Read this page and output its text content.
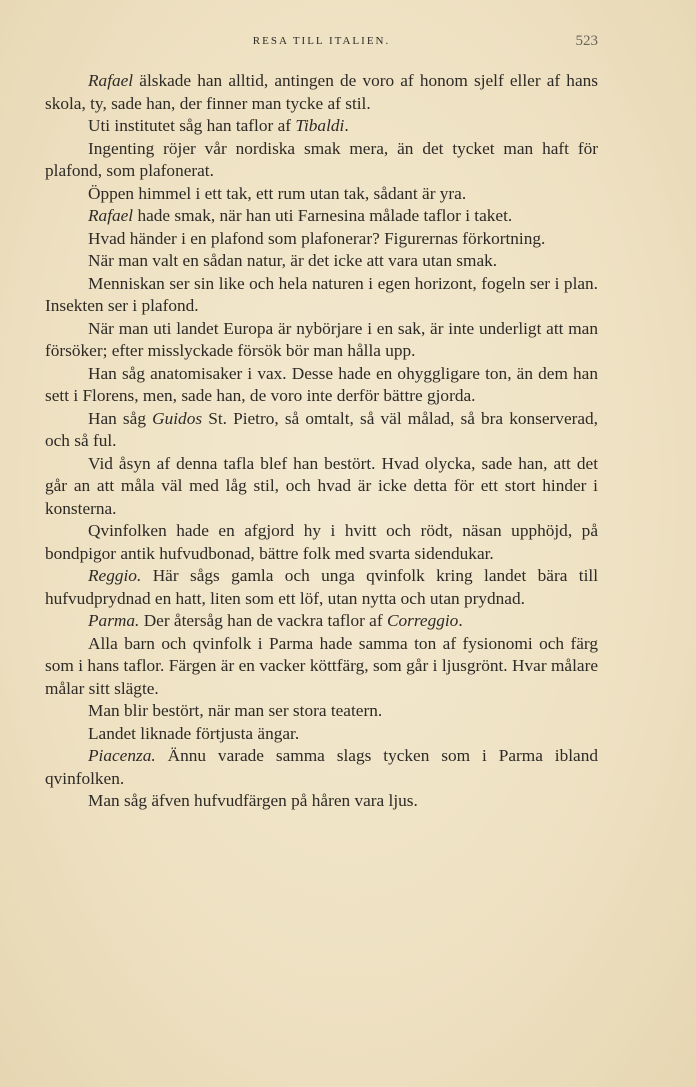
RESA TILL ITALIEN.	523

Rafael älskade han alltid, antingen de voro af honom sjelf eller af hans skola, ty, sade han, der finner man tycke af stil.

Uti institutet såg han taflor af Tibaldi.

Ingenting röjer vår nordiska smak mera, än det tycket man haft för plafond, som plafonerat.

Öppen himmel i ett tak, ett rum utan tak, sådant är yra.

Rafael hade smak, när han uti Farnesina målade taflor i taket.

Hvad händer i en plafond som plafonerar? Figurernas förkortning.

När man valt en sådan natur, är det icke att vara utan smak.

Menniskan ser sin like och hela naturen i egen horizont, fogeln ser i plan. Insekten ser i plafond.

När man uti landet Europa är nybörjare i en sak, är inte underligt att man försöker; efter misslyckade försök bör man hålla upp.

Han såg anatomisaker i vax. Desse hade en ohyggligare ton, än dem han sett i Florens, men, sade han, de voro inte derför bättre gjorda.

Han såg Guidos St. Pietro, så omtalt, så väl målad, så bra konserverad, och så ful.

Vid åsyn af denna tafla blef han bestört. Hvad olycka, sade han, att det går an att måla väl med låg stil, och hvad är icke detta för ett stort hinder i konsterna.

Qvinfolken hade en afgjord hy i hvitt och rödt, näsan upphöjd, på bondpigor antik hufvudbonad, bättre folk med svarta sidendukar.

Reggio. Här sågs gamla och unga qvinfolk kring landet bära till hufvudprydnad en hatt, liten som ett löf, utan nytta och utan prydnad.

Parma. Der återsåg han de vackra taflor af Correggio.

Alla barn och qvinfolk i Parma hade samma ton af fysionomi och färg som i hans taflor. Färgen är en vacker köttfärg, som går i ljusgrönt. Hvar målare målar sitt slägte.

Man blir bestört, när man ser stora teatern.

Landet liknade förtjusta ängar.

Piacenza. Ännu varade samma slags tycken som i Parma ibland qvinfolken.

Man såg äfven hufvudfärgen på håren vara ljus.
